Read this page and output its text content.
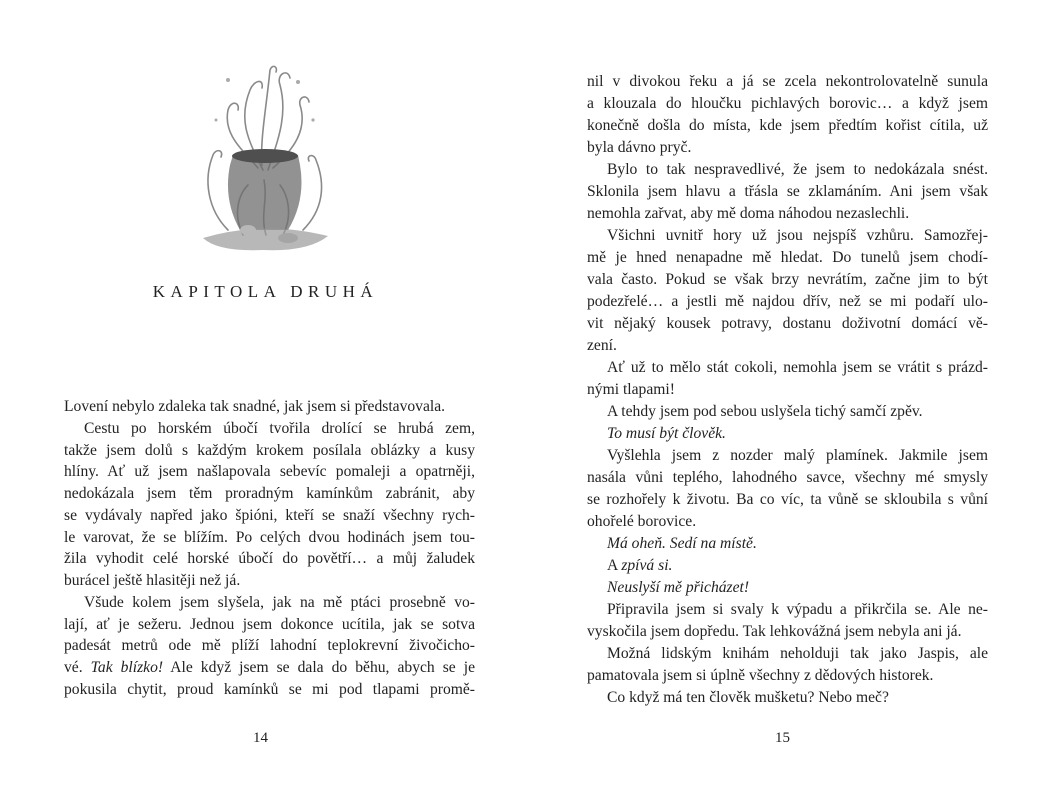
KAPITOLA DRUHÁ
Lovení nebylo zdaleka tak snadné, jak jsem si představovala.
Cestu po horském úbočí tvořila drolící se hrubá zem,
takže jsem dolů s každým krokem posílala oblázky a kusy
hlíny. Ať už jsem našlapovala sebevíc pomaleji a opatrněji,
nedokázala jsem těm proradným kamínkům zabránit, aby
se vydávaly napřed jako špióni, kteří se snaží všechny rych-
le varovat, že se blížím. Po celých dvou hodinách jsem tou-
žila vyhodit celé horské úbočí do povětří… a můj žaludek
burácel ještě hlasitěji než já.
Všude kolem jsem slyšela, jak na mě ptáci prosebně vo-
lají, ať je sežeru. Jednou jsem dokonce ucítila, jak se sotva
padesát metrů ode mě plíží lahodní teplokrevní živočicho-
vé. Tak blízko! Ale když jsem se dala do běhu, abych se je
pokusila chytit, proud kamínků se mi pod tlapami promě-
14
nil v divokou řeku a já se zcela nekontrolovatelně sunula
a klouzala do hloučku pichlavých borovic… a když jsem
konečně došla do místa, kde jsem předtím kořist cítila, už
byla dávno pryč.
Bylo to tak nespravedlivé, že jsem to nedokázala snést.
Sklonila jsem hlavu a třásla se zklamáním. Ani jsem však
nemohla zařvat, aby mě doma náhodou nezaslechli.
Všichni uvnitř hory už jsou nejspíš vzhůru. Samozřej-
mě je hned nenapadne mě hledat. Do tunelů jsem chodí-
vala často. Pokud se však brzy nevrátím, začne jim to být
podezřelé… a jestli mě najdou dřív, než se mi podaří ulo-
vit nějaký kousek potravy, dostanu doživotní domácí vě-
zení.
Ať už to mělo stát cokoli, nemohla jsem se vrátit s prázd-
nými tlapami!
A tehdy jsem pod sebou uslyšela tichý samčí zpěv.
To musí být člověk.
Vyšlehla jsem z nozder malý plamínek. Jakmile jsem
nasála vůni teplého, lahodného savce, všechny mé smysly
se rozhořely k životu. Ba co víc, ta vůně se skloubila s vůní
ohořelé borovice.
Má oheň. Sedí na místě.
A zpívá si.
Neuslyší mě přicházet!
Připravila jsem si svaly k výpadu a přikrčila se. Ale ne-
vyskočila jsem dopředu. Tak lehkovážná jsem nebyla ani já.
Možná lidským knihám neholduji tak jako Jaspis, ale
pamatovala jsem si úplně všechny z dědových historek.
Co když má ten člověk mušketu? Nebo meč?
15
